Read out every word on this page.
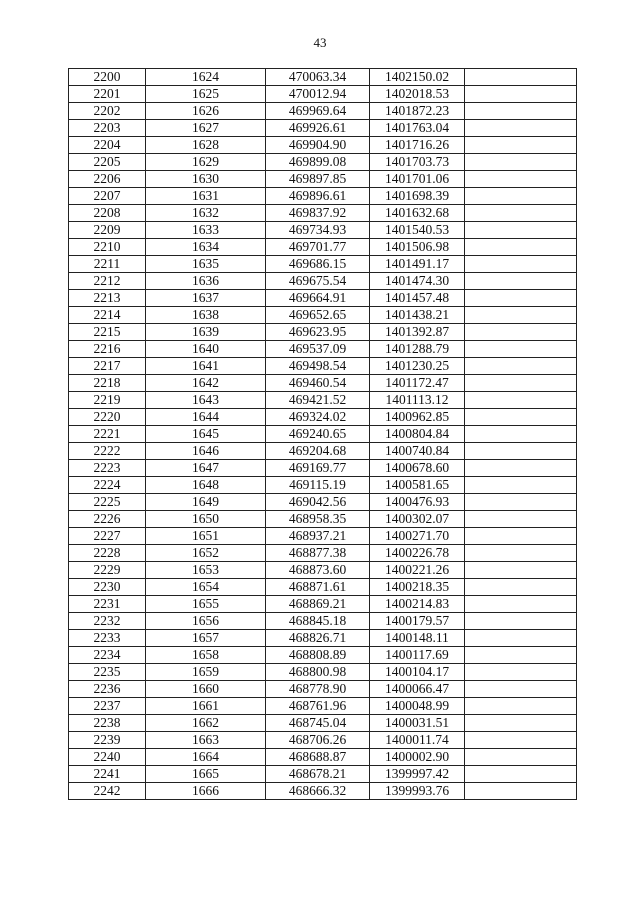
43
2200	1624	470063.34	1402150.02	
2201	1625	470012.94	1402018.53	
2202	1626	469969.64	1401872.23	
2203	1627	469926.61	1401763.04	
2204	1628	469904.90	1401716.26	
2205	1629	469899.08	1401703.73	
2206	1630	469897.85	1401701.06	
2207	1631	469896.61	1401698.39	
2208	1632	469837.92	1401632.68	
2209	1633	469734.93	1401540.53	
2210	1634	469701.77	1401506.98	
2211	1635	469686.15	1401491.17	
2212	1636	469675.54	1401474.30	
2213	1637	469664.91	1401457.48	
2214	1638	469652.65	1401438.21	
2215	1639	469623.95	1401392.87	
2216	1640	469537.09	1401288.79	
2217	1641	469498.54	1401230.25	
2218	1642	469460.54	1401172.47	
2219	1643	469421.52	1401113.12	
2220	1644	469324.02	1400962.85	
2221	1645	469240.65	1400804.84	
2222	1646	469204.68	1400740.84	
2223	1647	469169.77	1400678.60	
2224	1648	469115.19	1400581.65	
2225	1649	469042.56	1400476.93	
2226	1650	468958.35	1400302.07	
2227	1651	468937.21	1400271.70	
2228	1652	468877.38	1400226.78	
2229	1653	468873.60	1400221.26	
2230	1654	468871.61	1400218.35	
2231	1655	468869.21	1400214.83	
2232	1656	468845.18	1400179.57	
2233	1657	468826.71	1400148.11	
2234	1658	468808.89	1400117.69	
2235	1659	468800.98	1400104.17	
2236	1660	468778.90	1400066.47	
2237	1661	468761.96	1400048.99	
2238	1662	468745.04	1400031.51	
2239	1663	468706.26	1400011.74	
2240	1664	468688.87	1400002.90	
2241	1665	468678.21	1399997.42	
2242	1666	468666.32	1399993.76	
